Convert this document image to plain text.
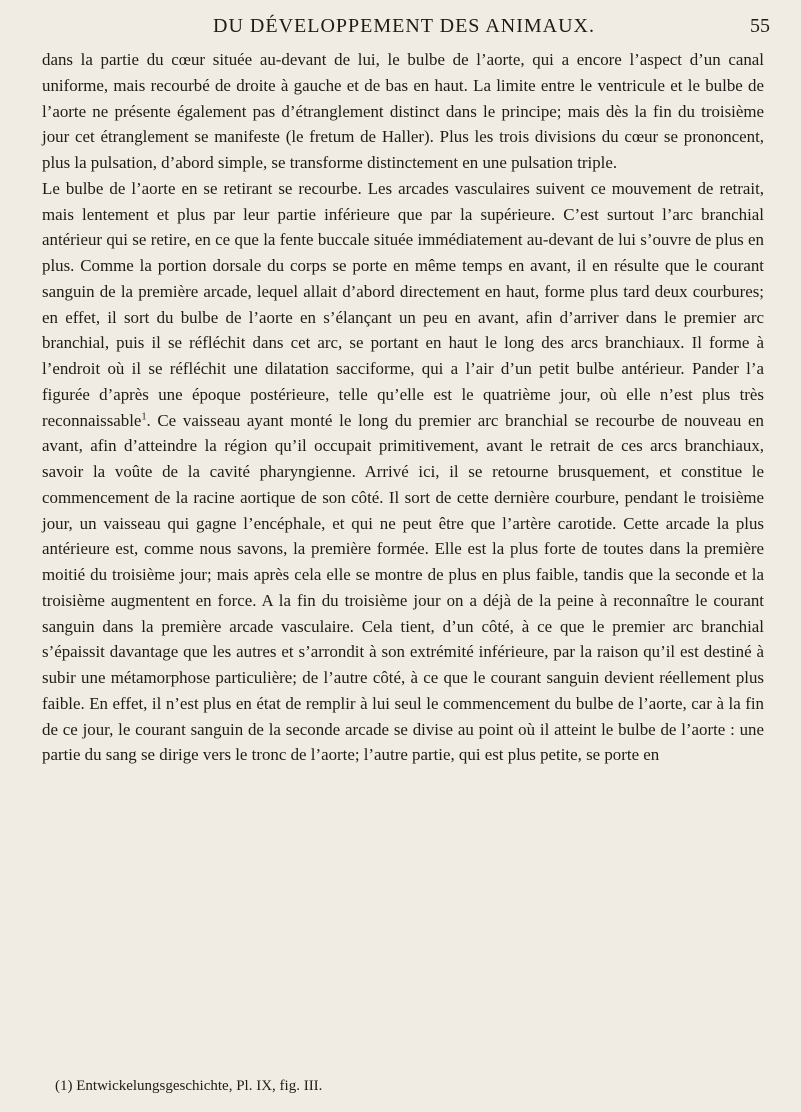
DU DÉVELOPPEMENT DES ANIMAUX.	55

dans la partie du cœur située au-devant de lui, le bulbe de l’aorte, qui a encore l’aspect d’un canal uniforme, mais recourbé de droite à gauche et de bas en haut. La limite entre le ventricule et le bulbe de l’aorte ne présente également pas d’étranglement distinct dans le principe; mais dès la fin du troisième jour cet étranglement se manifeste (le fretum de Haller). Plus les trois divisions du cœur se prononcent, plus la pulsation, d’abord simple, se transforme distinctement en une pulsation triple.

Le bulbe de l’aorte en se retirant se recourbe. Les arcades vasculaires suivent ce mouvement de retrait, mais lentement et plus par leur partie inférieure que par la supérieure. C’est surtout l’arc branchial antérieur qui se retire, en ce que la fente buccale située immédiatement au-devant de lui s’ouvre de plus en plus. Comme la portion dorsale du corps se porte en même temps en avant, il en résulte que le courant sanguin de la première arcade, lequel allait d’abord directement en haut, forme plus tard deux courbures; en effet, il sort du bulbe de l’aorte en s’élançant un peu en avant, afin d’arriver dans le premier arc branchial, puis il se réfléchit dans cet arc, se portant en haut le long des arcs branchiaux. Il forme à l’endroit où il se réfléchit une dilatation sacciforme, qui a l’air d’un petit bulbe antérieur. Pander l’a figurée d’après une époque postérieure, telle qu’elle est le quatrième jour, où elle n’est plus très reconnaissable$^1$. Ce vaisseau ayant monté le long du premier arc branchial se recourbe de nouveau en avant, afin d’atteindre la région qu’il occupait primitivement, avant le retrait de ces arcs branchiaux, savoir la voûte de la cavité pharyngienne. Arrivé ici, il se retourne brusquement, et constitue le commencement de la racine aortique de son côté. Il sort de cette dernière courbure, pendant le troisième jour, un vaisseau qui gagne l’encéphale, et qui ne peut être que l’artère carotide. Cette arcade la plus antérieure est, comme nous savons, la première formée. Elle est la plus forte de toutes dans la première moitié du troisième jour; mais après cela elle se montre de plus en plus faible, tandis que la seconde et la troisième augmentent en force. A la fin du troisième jour on a déjà de la peine à reconnaître le courant sanguin dans la première arcade vasculaire. Cela tient, d’un côté, à ce que le premier arc branchial s’épaissit davantage que les autres et s’arrondit à son extrémité inférieure, par la raison qu’il est destiné à subir une métamorphose particulière; de l’autre côté, à ce que le courant sanguin devient réellement plus faible. En effet, il n’est plus en état de remplir à lui seul le commencement du bulbe de l’aorte, car à la fin de ce jour, le courant sanguin de la seconde arcade se divise au point où il atteint le bulbe de l’aorte : une partie du sang se dirige vers le tronc de l’aorte; l’autre partie, qui est plus petite, se porte en

(1) Entwickelungsgeschichte, Pl. IX, fig. III.
